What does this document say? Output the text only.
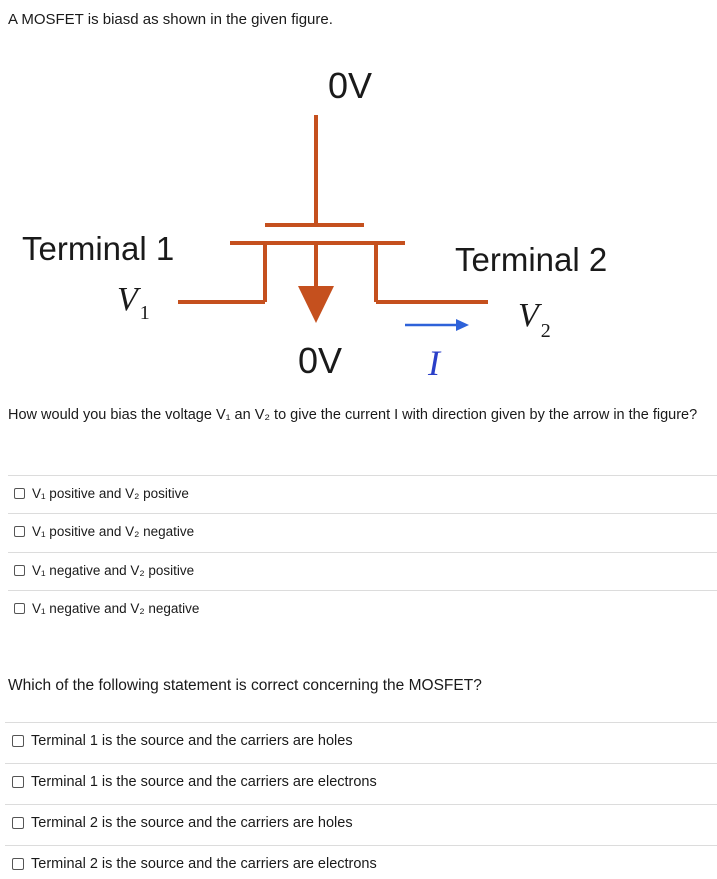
A MOSFET is biasd as shown in the given figure.
0V
Terminal 1
V $_1$
Terminal 2
V $_2$
I
0V
How would you bias the voltage V₁ an V₂ to give the current I with direction given by the arrow in the figure?
V₁ positive and V₂ positive
V₁ positive and V₂ negative
V₁ negative and V₂ positive
V₁ negative and V₂ negative
Which of the following statement is correct concerning the MOSFET?
Terminal 1 is the source and the carriers are holes
Terminal 1 is the source and the carriers are electrons
Terminal 2 is the source and the carriers are holes
Terminal 2 is the source and the carriers are electrons
